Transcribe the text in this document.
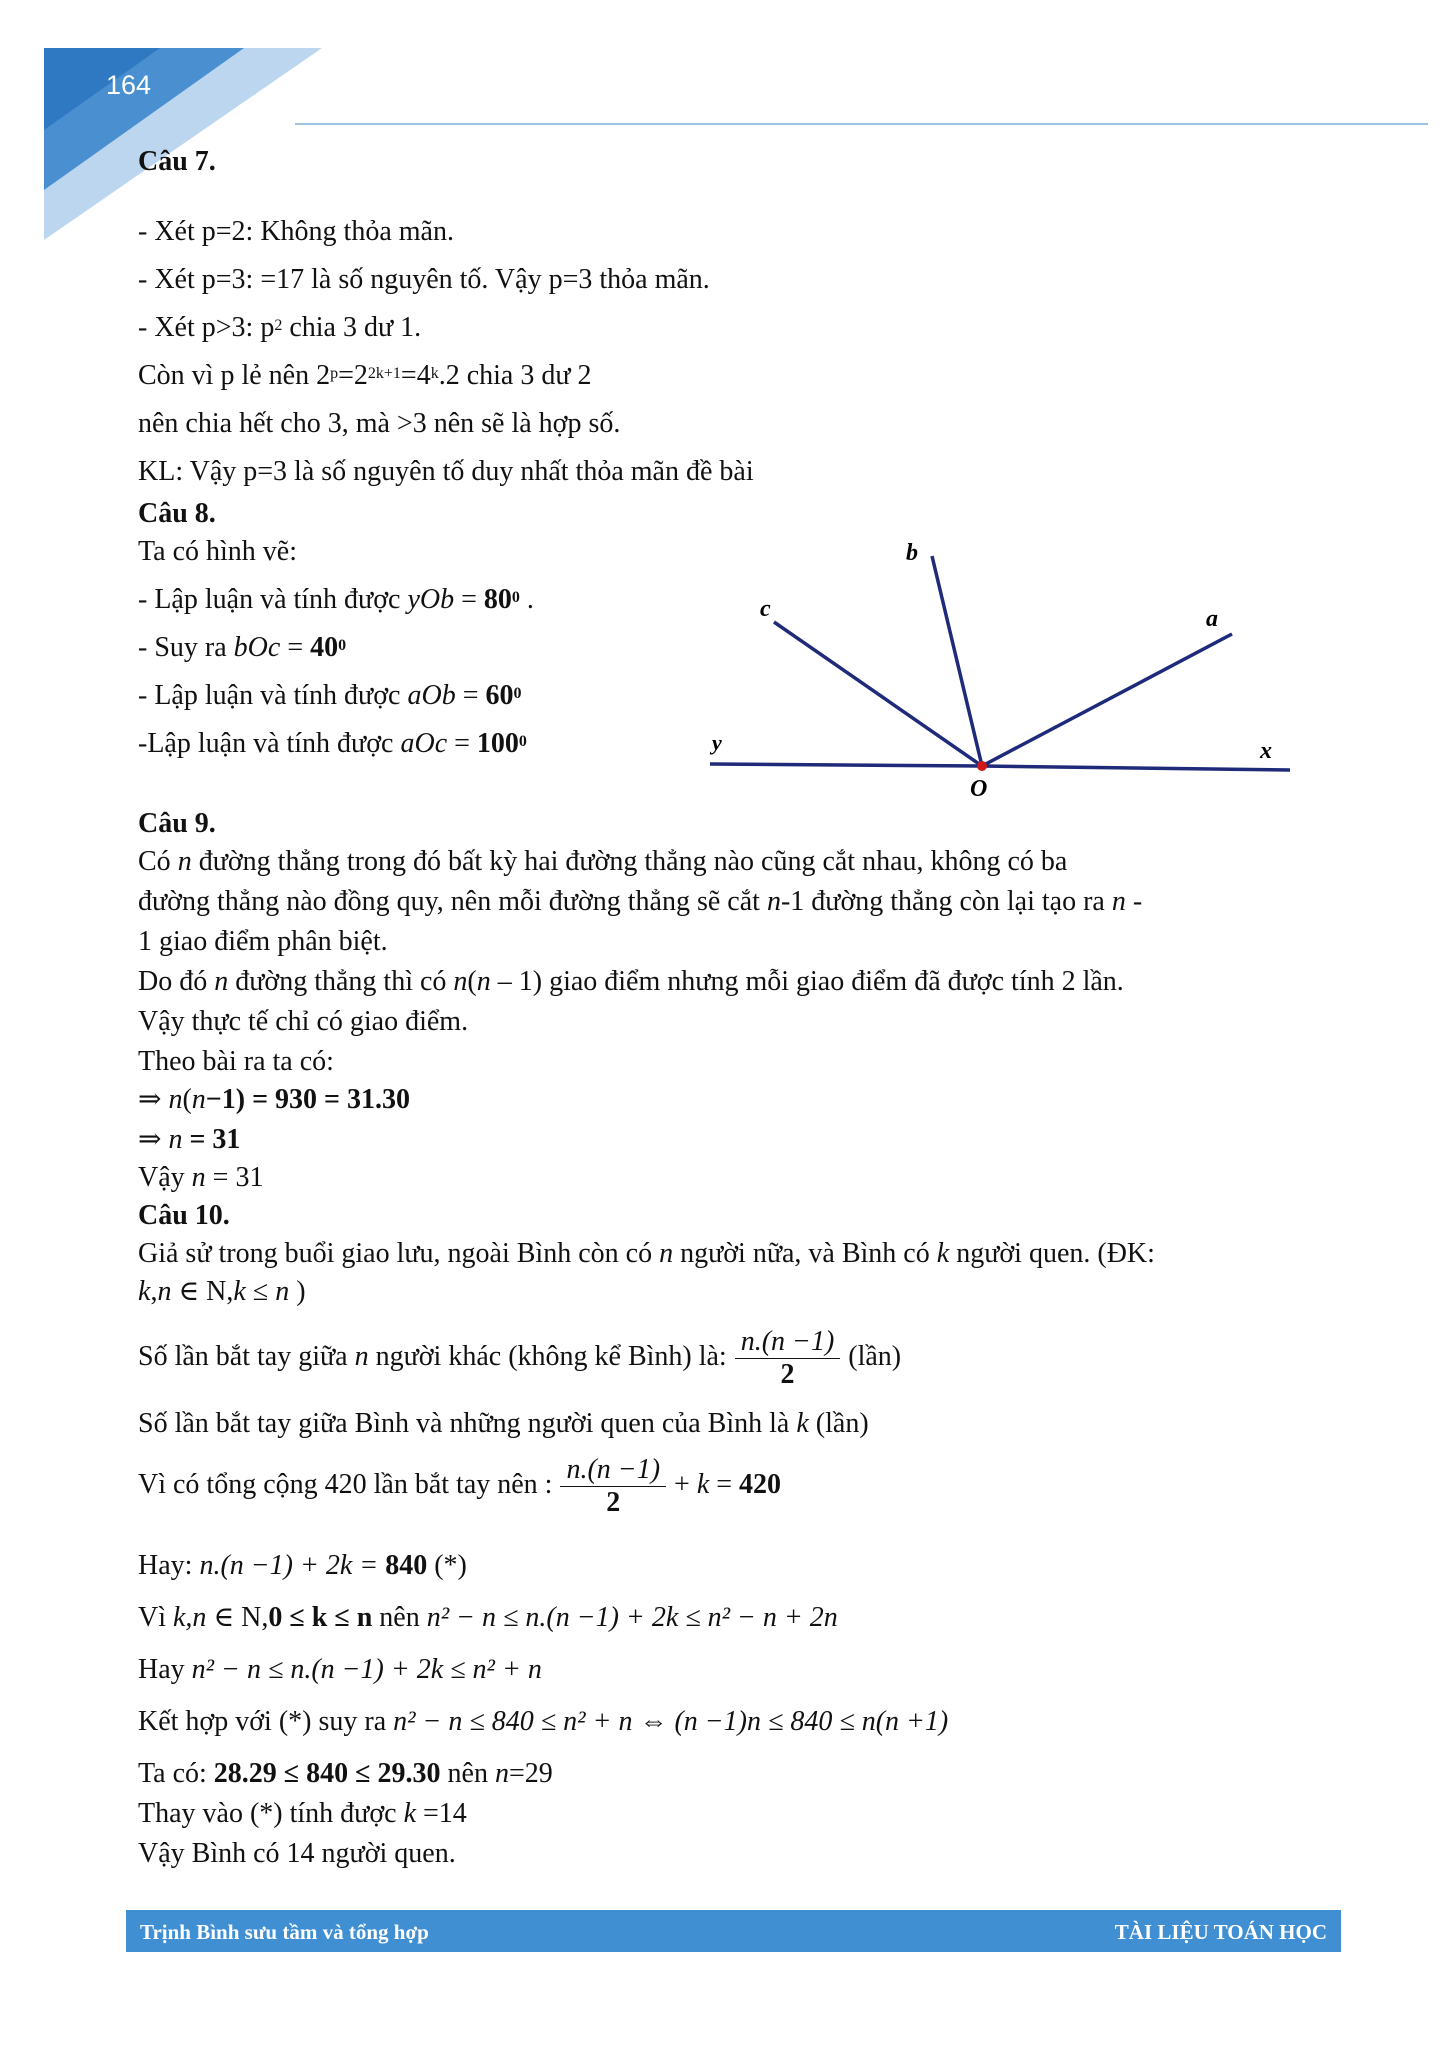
164
Câu 7.
- Xét p=2: Không thỏa mãn.
- Xét p=3: =17 là số nguyên tố. Vậy p=3 thỏa mãn.
- Xét p>3: $p^2$ chia 3 dư 1.
Còn vì p lẻ nên $2^p=2^{2k+1}=4^k.2$ chia 3 dư 2
nên chia hết cho 3, mà >3 nên sẽ là hợp số.
KL: Vậy p=3 là số nguyên tố duy nhất thỏa mãn đề bài
Câu 8.
Ta có hình vẽ:
- Lập luận và tính được yOb = $80^0$ .
- Suy ra bOc = $40^0$
- Lập luận và tính được aOb = $60^0$
-Lập luận và tính được aOc = $100^0$
Câu 9.
Có n đường thẳng trong đó bất kỳ hai đường thẳng nào cũng cắt nhau, không có ba
đường thẳng nào đồng quy, nên mỗi đường thẳng sẽ cắt n-1 đường thẳng còn lại tạo ra n -
1 giao điểm phân biệt.
Do đó n đường thẳng thì có n(n – 1) giao điểm nhưng mỗi giao điểm đã được tính 2 lần.
Vậy thực tế chỉ có giao điểm.
Theo bài ra ta có:
⇒ n(n−1) = 930 = 31.30
⇒ n = 31
Vậy n = 31
Câu 10.
Giả sử trong buổi giao lưu, ngoài Bình còn có n người nữa, và Bình có k người quen. (ĐK:
k,n ∈ N,k ≤ n )
Số lần bắt tay giữa n người khác (không kể Bình) là: $\frac{n.(n -1)}{2}$ (lần)
Số lần bắt tay giữa Bình và những người quen của Bình là k (lần)
Vì có tổng cộng 420 lần bắt tay nên : $\frac{n.(n -1)}{2} + k = 420$
Hay: n.(n −1) + 2k = 840 (*)
Vì k,n ∈ N,0 ≤ k ≤ n nên n² − n ≤ n.(n −1) + 2k ≤ n² − n + 2n
Hay n² − n ≤ n.(n −1) + 2k ≤ n² + n
Kết hợp với (*) suy ra n² − n ≤ 840 ≤ n² + n ⇔ (n −1)n ≤ 840 ≤ n(n +1)
Ta có: 28.29 ≤ 840 ≤ 29.30 nên n=29
Thay vào (*) tính được k =14
Vậy Bình có 14 người quen.
b
c	a
y	x
O
Trịnh Bình sưu tầm và tổng hợp	TÀI LIỆU TOÁN HỌC
